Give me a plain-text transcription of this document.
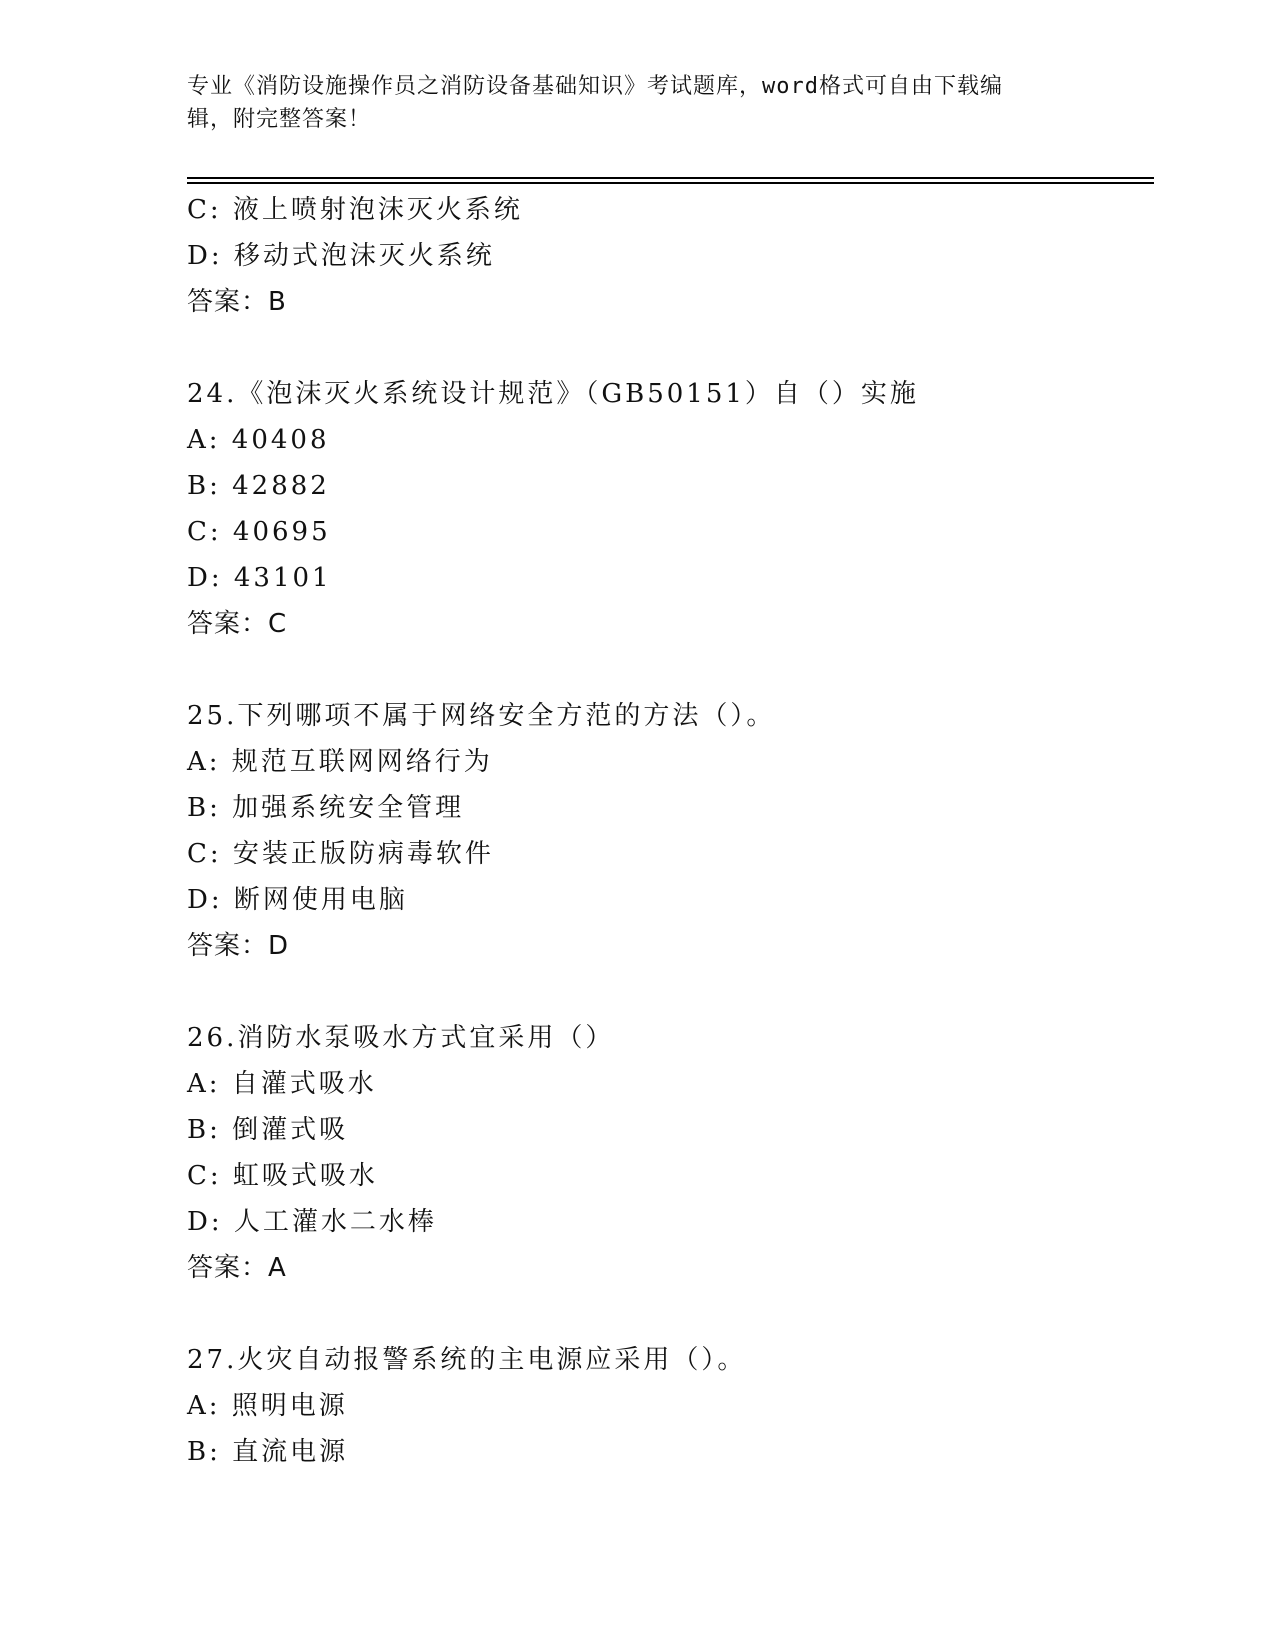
专业《消防设施操作员之消防设备基础知识》考试题库，word格式可自由下载编
辑，附完整答案！
C: 液上喷射泡沫灭火系统
D: 移动式泡沫灭火系统
答案：B
24.《泡沫灭火系统设计规范》（GB50151）自（）实施
A: 40408
B: 42882
C: 40695
D: 43101
答案：C
25.下列哪项不属于网络安全方范的方法（）。
A: 规范互联网网络行为
B: 加强系统安全管理
C: 安装正版防病毒软件
D: 断网使用电脑
答案：D
26.消防水泵吸水方式宜采用（）
A: 自灌式吸水
B: 倒灌式吸
C: 虹吸式吸水
D: 人工灌水二水棒
答案：A
27.火灾自动报警系统的主电源应采用（）。
A: 照明电源
B: 直流电源
